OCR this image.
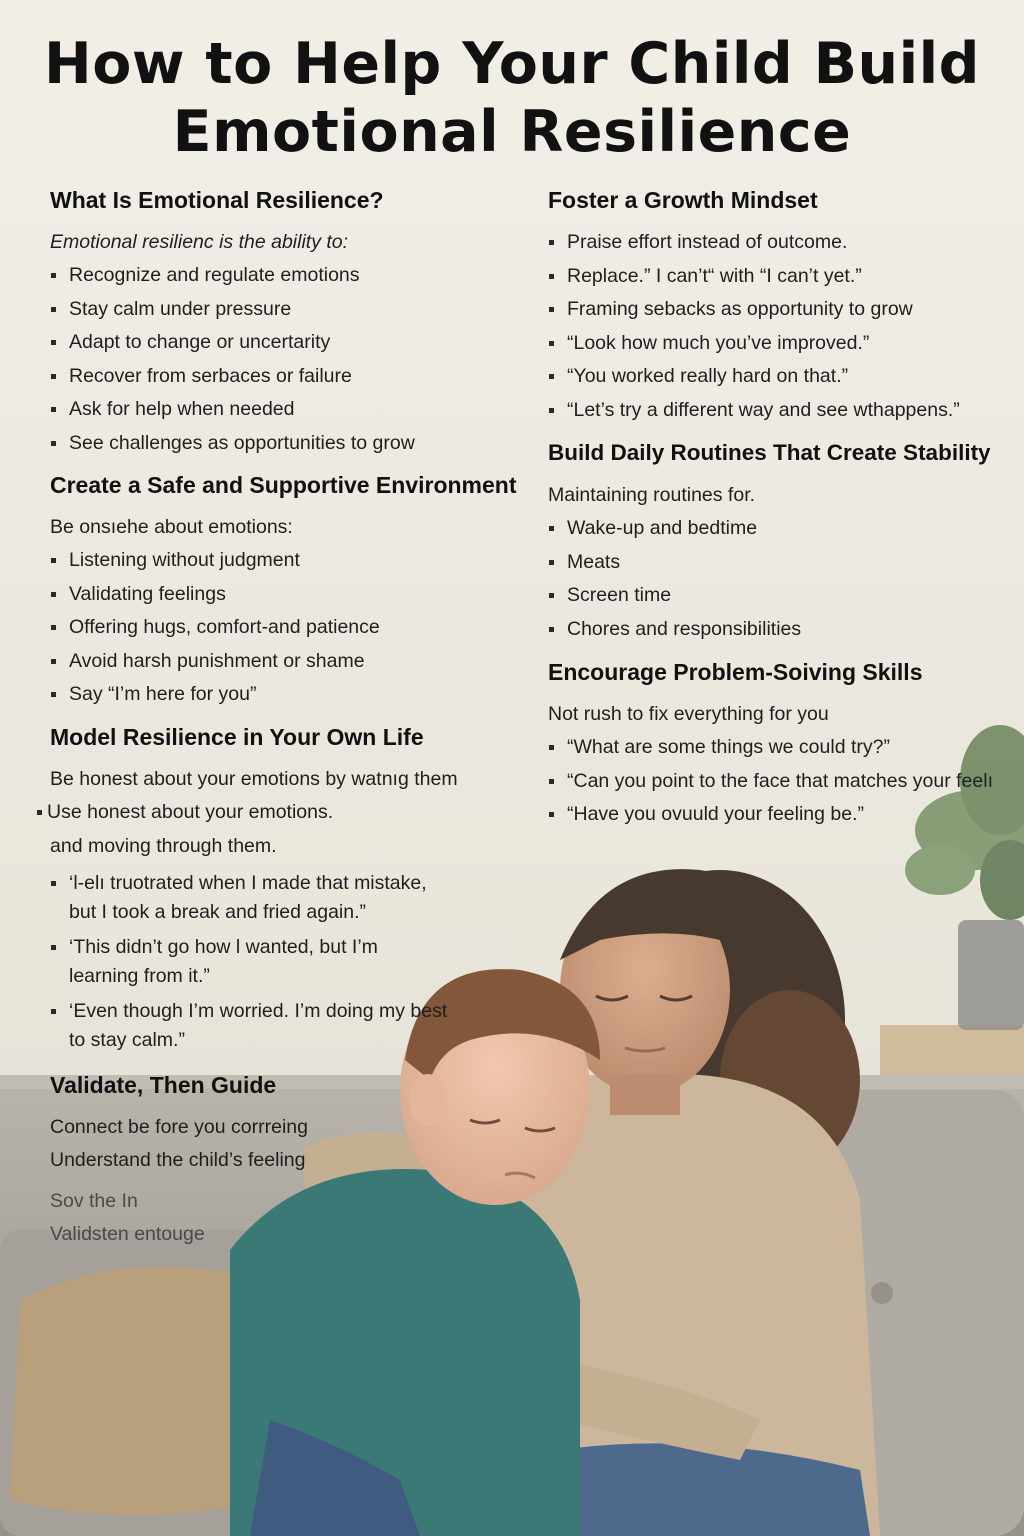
How to Help Your Child Build
Emotional Resilience
What Is Emotional Resilience?

Emotional resilienc is the ability to:

Recognize and regulate emotions
Stay calm under pressure
Adapt to change or uncertarity
Recover from serbaces or failure
Ask for help when needed
See challenges as opportunities to grow
Create a Safe and Supportive Environment

Be onsıehe about emotions:

Listening without judgment
Validating feelings
Offering hugs, comfort-and patience
Avoid harsh punishment or shame
Say “I’m here for you”
Model Resilience in Your Own Life

Be honest about your emotions by watnıg them

Use honest about your emotions.

and moving through them.

‘l‑elı truotrated when I made that mistake, but I took a break and fried again.”
‘This didn’t go how l wanted, but I’m learning from it.”
‘Even though I’m worried. I’m doing my best to stay calm.”
Validate, Then Guide
Connect be fore you corrreing
Understand the child’s feeling
Sov the In
Validsten entouge
Foster a Growth Mindset
Praise effort instead of outcome.
Replace.” I can’t“ with “I can’t yet.”
Framing sebacks as opportunity to grow
“Look how much you’ve improved.”
“You worked really hard on that.”
“Let’s try a different way and see wthappens.”
Build Daily Routines That Create Stability

Maintaining routines for.

Wake-up and bedtime
Meats
Screen time
Chores and responsibilities
Encourage Problem-Soiving Skills

Not rush to fix everything for you

“What are some things we could try?”
“Can you point to the face that matches your feelı
“Have you ovuuld your feeling be.”
